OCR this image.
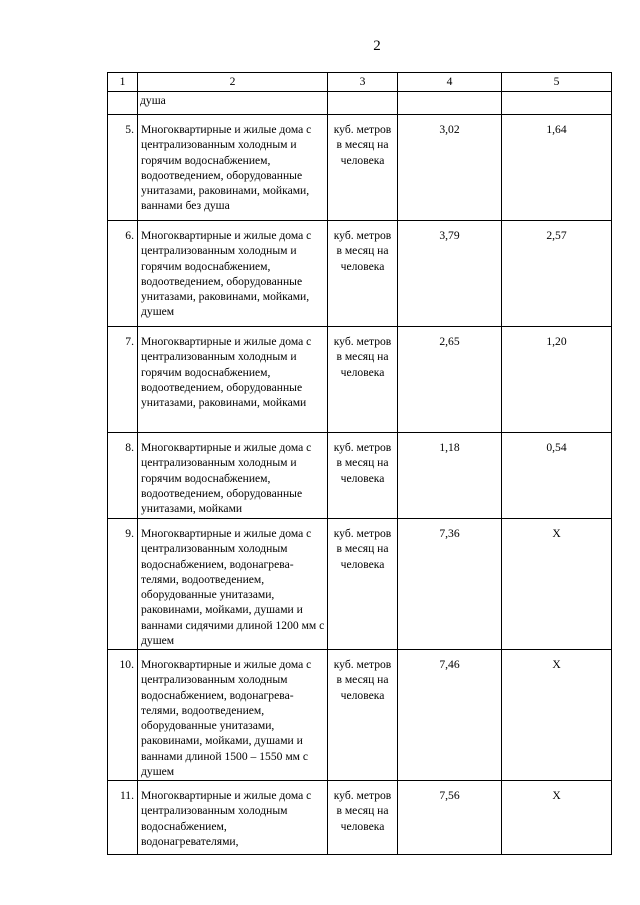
2
1	2	3	4	5
	душа			
5.	Многоквартирные и жилые дома с централизованным холодным и горячим водоснабжением, водоотведением, оборудованные унитазами, раковинами, мойками, ваннами без душа	куб. метров в месяц на человека	3,02	1,64
6.	Многоквартирные и жилые дома с централизованным холодным и горячим водоснабжением, водоотведением, оборудованные унитазами, раковинами, мойками, душем	куб. метров в месяц на человека	3,79	2,57
7.	Многоквартирные и жилые дома с централизованным холодным и горячим водоснабжением, водоотведением, оборудованные унитазами, раковинами, мойками	куб. метров в месяц на человека	2,65	1,20
8.	Многоквартирные и жилые дома с централизованным холодным и горячим водоснабжением, водоотведением, оборудованные унитазами, мойками	куб. метров в месяц на человека	1,18	0,54
9.	Многоквартирные и жилые дома с централизованным холодным водоснабжением, водонагрева-телями, водоотведением, оборудованные унитазами, раковинами, мойками, душами и ваннами сидячими длиной 1200 мм с душем	куб. метров в месяц на человека	7,36	Х
10.	Многоквартирные и жилые дома с централизованным холодным водоснабжением, водонагрева-телями, водоотведением, оборудованные унитазами, раковинами, мойками, душами и ваннами длиной 1500 – 1550 мм с душем	куб. метров в месяц на человека	7,46	Х
11.	Многоквартирные и жилые дома с централизованным холодным водоснабжением, водонагревателями,	куб. метров в месяц на человека	7,56	Х
